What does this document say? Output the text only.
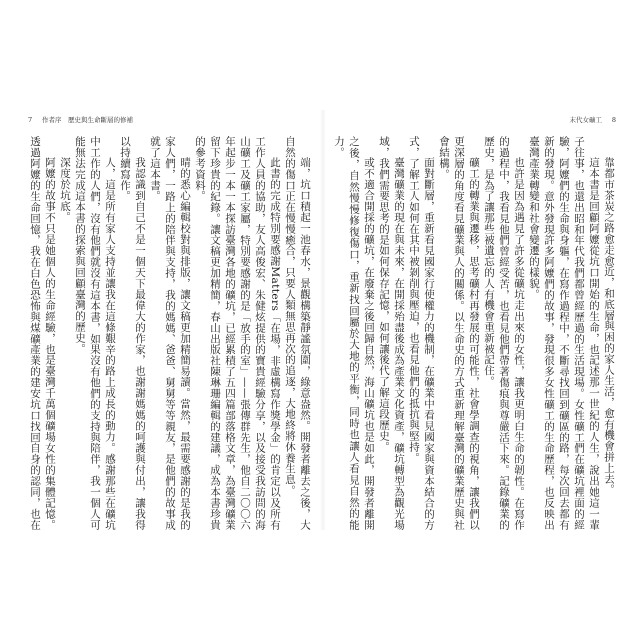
7 作者序　歷史與生命斷層的修補

端，坑口積起一池春水，景觀構築靜謐氛圍，綠意盎然。開發者離去之後，大自然的傷口正在慢慢癒合，只要人類無思再次的追逐，大地終將休養生息。

此書的完成特別要感謝Matters「在場，非虛構寫作獎學金」的肯定以及所有工作人員的協助，友人高俊宏、朱健炫提供的寶貴經驗分享，以及接受我訪問的海山礦工及礦工家屬，特別要感謝的是「放手的室」——張傳群先生，他自二〇〇六年起步一本一本探訪臺灣各地的礦坑，已經累積了五四篇部落格文章，為臺灣礦業留下珍貴的紀錄。讓文稿更加精簡，春山出版社陳琳珊編輯的建議，成為本書珍貴的參考資料。

晴的悉心編輯校對與排版，讓文稿更加精簡易讀。當然，最需要感謝的是我的家人們，一路上的陪伴與支持，我的媽媽、爸爸、舅舅等等親友，是他們的故事成就了這本書。

我認識到自己不是一個天下最偉大的作家，也謝謝媽媽的呵護與付出，讓我得以持續寫作。

人，這是所有家人支持並讓我在這條艱辛的路上成長的動力。感謝那些在礦坑中工作的人們，沒有他們就沒有這本書，如果沒有他們的支持與陪伴，我一個人可能無法完成這本書的探索與回顧臺灣的歷史。

深度於坑底。

阿嬤的故事不只是她個人的生命經驗，也是臺灣千萬個礦場女性的集體記憶。透過阿嬤的生命回憶，我在白色恐怖與煤礦產業的建安坑口找回自身的認同，也在

末代女礦工 8

靠都市茶炭之路愈走愈近，和底層與困的家人生活，愈有機會拼上去。

這本書是回顧阿嬤從坑口開始的生命，也記述那一世紀的人生，說出她這一輩子往事，也還出昭和年代我們都曾經歷過的生活現場。女性礦工們在礦坑裡面的經驗，阿嬤們的生命與身軀，在寫作過程中，不斷尋找回到礦區的路，每次回去都有新的發現。意外發現許多阿嬤們的故事，發現很多女性礦工的生命歷程，也反映出臺灣產業轉變和社會變遷的樣貌。

也許是因為遇見了許多從礦坑走出來的女性，讓我更明白生命的韌性。在寫作的過程中，我看見他們曾經受苦，也看見他們帶著傷痕與尊嚴活下來。記錄礦業的歷史，是為了讓那些被遺忘的人有機會重新被記住。

礦工的轉業與遷移，思考礦村再發展的可能性，社會學調查的視角，讓我們以更深層的角度看見礦業與人的關係。以生命史的方式重新理解臺灣的礦業歷史與社會結構。

面對斷層，重新看見國家行使權力的機制，在礦業中看見國家與資本結合的方式，了解工人如何在其中被剝削與壓迫，也看見他們的抵抗與堅持。

臺灣礦業的現在與未來，在開採殆盡後成為產業文化資產，礦坑轉型為觀光場域，我們需要思考的是如何保存記憶，如何讓後代了解這段歷史。

或不適合開採的礦坑，在廢棄之後回歸自然，海山礦坑也是如此，開發者離開之後，自然慢慢修復傷口，重新找回屬於大地的平衡，同時也讓人看見自然的能力。
